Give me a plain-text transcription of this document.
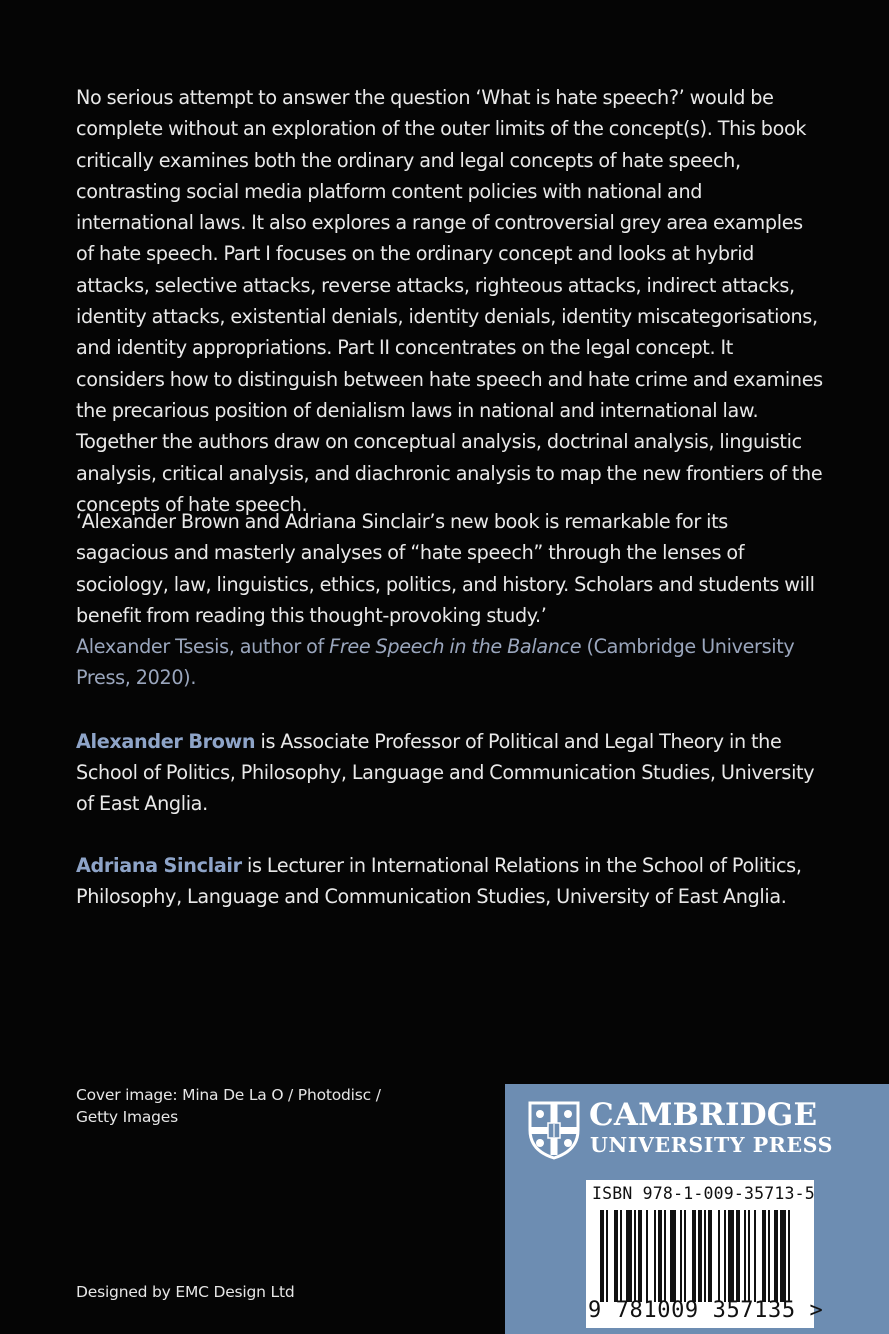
No serious attempt to answer the question ‘What is hate speech?’ would be complete without an exploration of the outer limits of the concept(s). This book critically examines both the ordinary and legal concepts of hate speech, contrasting social media platform content policies with national and international laws. It also explores a range of controversial grey area examples of hate speech. Part I focuses on the ordinary concept and looks at hybrid attacks, selective attacks, reverse attacks, righteous attacks, indirect attacks, identity attacks, existential denials, identity denials, identity miscategorisations, and identity appropriations. Part II concentrates on the legal concept. It considers how to distinguish between hate speech and hate crime and examines the precarious position of denialism laws in national and international law. Together the authors draw on conceptual analysis, doctrinal analysis, linguistic analysis, critical analysis, and diachronic analysis to map the new frontiers of the concepts of hate speech.

‘Alexander Brown and Adriana Sinclair’s new book is remarkable for its sagacious and masterly analyses of “hate speech” through the lenses of sociology, law, linguistics, ethics, politics, and history. Scholars and students will benefit from reading this thought-provoking study.’

Alexander Tsesis, author of Free Speech in the Balance (Cambridge University Press, 2020).

Alexander Brown is Associate Professor of Political and Legal Theory in the School of Politics, Philosophy, Language and Communication Studies, University of East Anglia.

Adriana Sinclair is Lecturer in International Relations in the School of Politics, Philosophy, Language and Communication Studies, University of East Anglia.

Cover image: Mina De La O / Photodisc / Getty Images

Designed by EMC Design Ltd

CAMBRIDGE
UNIVERSITY PRESS
ISBN 978-1-009-35713-5
9 781009 357135 >
